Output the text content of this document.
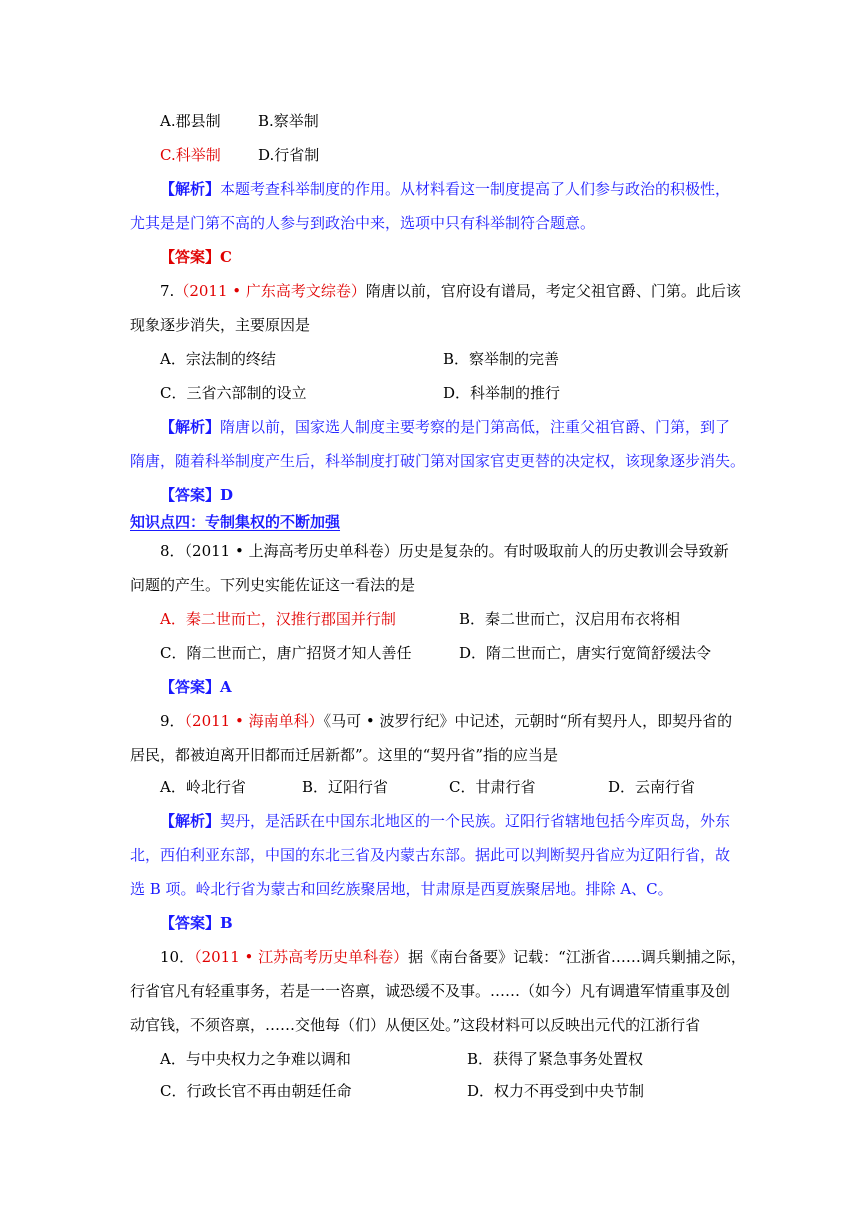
A.郡县制 B.察举制
C.科举制 D.行省制
【解析】本题考查科举制度的作用。从材料看这一制度提高了人们参与政治的积极性，
尤其是是门第不高的人参与到政治中来，选项中只有科举制符合题意。
【答案】C
7.（2011 • 广东高考文综卷）隋唐以前，官府设有谱局，考定父祖官爵、门第。此后该
现象逐步消失，主要原因是
A．宗法制的终结	B．察举制的完善
C．三省六部制的设立	D．科举制的推行
【解析】隋唐以前，国家选人制度主要考察的是门第高低，注重父祖官爵、门第，到了
隋唐，随着科举制度产生后，科举制度打破门第对国家官吏更替的决定权，该现象逐步消失。
【答案】D
知识点四：专制集权的不断加强
8．（2011 • 上海高考历史单科卷）历史是复杂的。有时吸取前人的历史教训会导致新
问题的产生。下列史实能佐证这一看法的是
A．秦二世而亡，汉推行郡国并行制	B．秦二世而亡，汉启用布衣将相
C．隋二世而亡，唐广招贤才知人善任	D．隋二世而亡，唐实行宽简舒缓法令
【答案】A
9．（2011 • 海南单科）《马可 • 波罗行纪》中记述，元朝时“所有契丹人，即契丹省的
居民，都被迫离开旧都而迁居新都”。这里的“契丹省”指的应当是
A．岭北行省	B．辽阳行省	C．甘肃行省	D．云南行省
【解析】契丹，是活跃在中国东北地区的一个民族。辽阳行省辖地包括今库页岛，外东
北，西伯利亚东部，中国的东北三省及内蒙古东部。据此可以判断契丹省应为辽阳行省，故
选 B 项。岭北行省为蒙古和回纥族聚居地，甘肃原是西夏族聚居地。排除 A、C。
【答案】B
10．（2011 • 江苏高考历史单科卷）据《南台备要》记载：“江浙省……调兵剿捕之际，
行省官凡有轻重事务，若是一一咨禀，诚恐缓不及事。……（如今）凡有调遣军情重事及创
动官钱，不须咨禀，……交他每（们）从便区处。”这段材料可以反映出元代的江浙行省
A．与中央权力之争难以调和	B．获得了紧急事务处置权
C．行政长官不再由朝廷任命	D．权力不再受到中央节制
